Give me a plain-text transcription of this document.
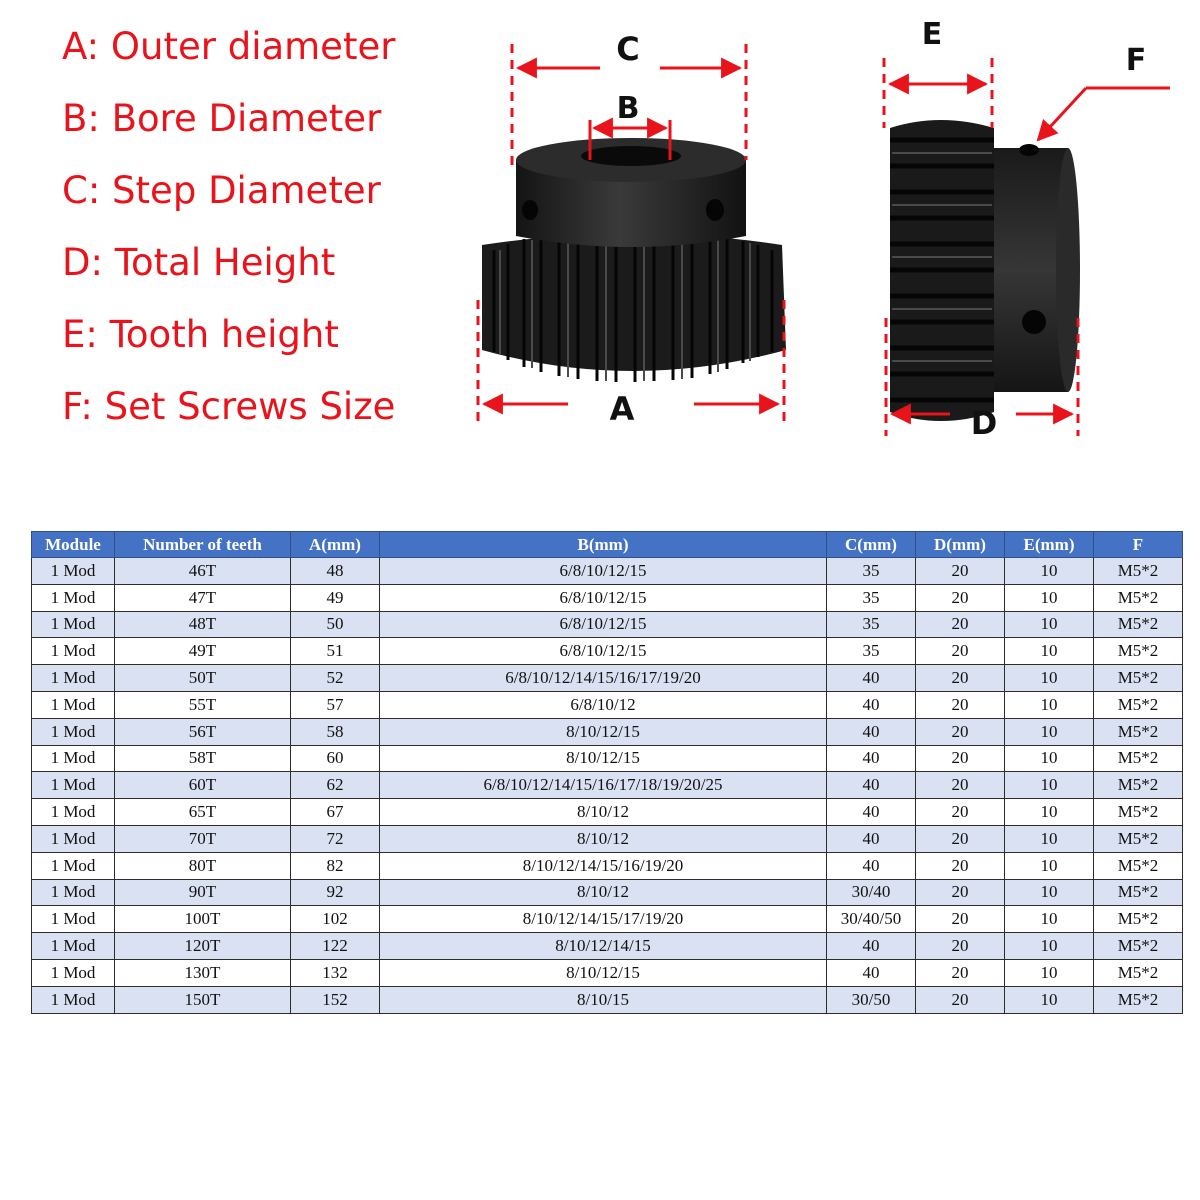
A: Outer diameter
B: Bore Diameter
C: Step Diameter
D: Total Height
E: Tooth height
F: Set Screws Size
C
B
A
E
F
D
Module	Number of teeth	A(mm)	B(mm)	C(mm)	D(mm)	E(mm)	F
1 Mod	46T	48	6/8/10/12/15	35	20	10	M5*2
1 Mod	47T	49	6/8/10/12/15	35	20	10	M5*2
1 Mod	48T	50	6/8/10/12/15	35	20	10	M5*2
1 Mod	49T	51	6/8/10/12/15	35	20	10	M5*2
1 Mod	50T	52	6/8/10/12/14/15/16/17/19/20	40	20	10	M5*2
1 Mod	55T	57	6/8/10/12	40	20	10	M5*2
1 Mod	56T	58	8/10/12/15	40	20	10	M5*2
1 Mod	58T	60	8/10/12/15	40	20	10	M5*2
1 Mod	60T	62	6/8/10/12/14/15/16/17/18/19/20/25	40	20	10	M5*2
1 Mod	65T	67	8/10/12	40	20	10	M5*2
1 Mod	70T	72	8/10/12	40	20	10	M5*2
1 Mod	80T	82	8/10/12/14/15/16/19/20	40	20	10	M5*2
1 Mod	90T	92	8/10/12	30/40	20	10	M5*2
1 Mod	100T	102	8/10/12/14/15/17/19/20	30/40/50	20	10	M5*2
1 Mod	120T	122	8/10/12/14/15	40	20	10	M5*2
1 Mod	130T	132	8/10/12/15	40	20	10	M5*2
1 Mod	150T	152	8/10/15	30/50	20	10	M5*2
